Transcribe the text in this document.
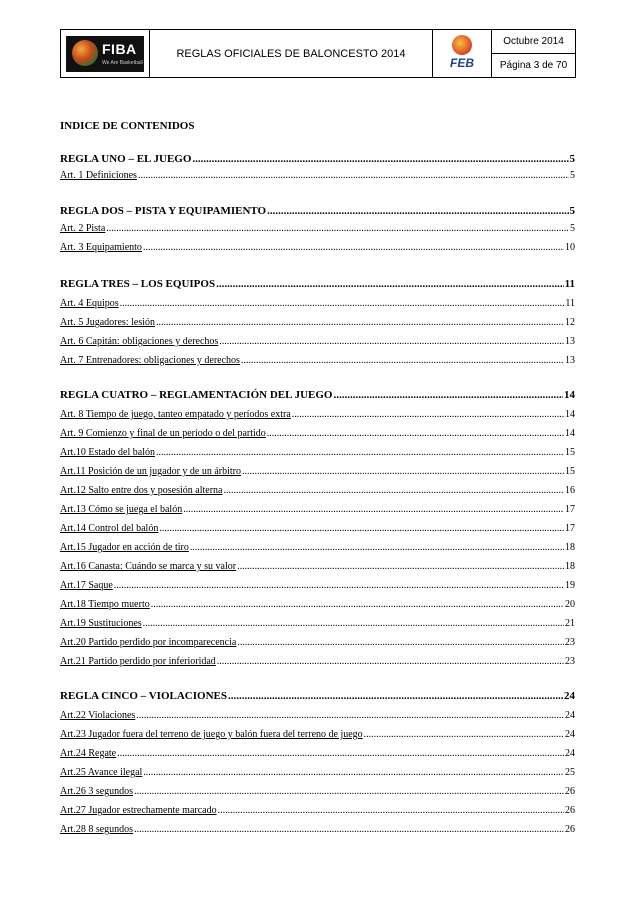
FIBA
We Are Basketball
	REGLAS OFICIALES DE BALONCESTO 2014	
FEB

Octubre 2014
Página 3 de 70
INDICE DE CONTENIDOS
REGLA UNO – EL JUEGO .....	5
Art. 1 Definiciones .....	5
REGLA DOS – PISTA Y EQUIPAMIENTO .....	5
Art. 2 Pista .....	5
Art. 3 Equipamiento .....	10
REGLA TRES – LOS EQUIPOS .....	11
Art. 4 Equipos .....	11
Art. 5 Jugadores: lesión .....	12
Art. 6 Capitán: obligaciones y derechos .....	13
Art. 7 Entrenadores: obligaciones y derechos .....	13
REGLA CUATRO – REGLAMENTACIÓN DEL JUEGO .....	14
Art. 8 Tiempo de juego, tanteo empatado y períodos extra .....	14
Art. 9 Comienzo y final de un período o del partido .....	14
Art.10 Estado del balón .....	15
Art.11 Posición de un jugador y de un árbitro .....	15
Art.12 Salto entre dos y posesión alterna .....	16
Art.13 Cómo se juega el balón .....	17
Art.14 Control del balón .....	17
Art.15 Jugador en acción de tiro .....	18
Art.16 Canasta: Cuándo se marca y su valor .....	18
Art.17 Saque .....	19
Art.18 Tiempo muerto .....	20
Art.19 Sustituciones .....	21
Art.20 Partido perdido por incomparecencia .....	23
Art.21 Partido perdido por inferioridad .....	23
REGLA CINCO – VIOLACIONES .....	24
Art.22 Violaciones .....	24
Art.23 Jugador fuera del terreno de juego y balón fuera del terreno de juego .....	24
Art.24 Regate .....	24
Art.25 Avance ilegal .....	25
Art.26 3 segundos .....	26
Art.27 Jugador estrechamente marcado .....	26
Art.28 8 segundos .....	26
